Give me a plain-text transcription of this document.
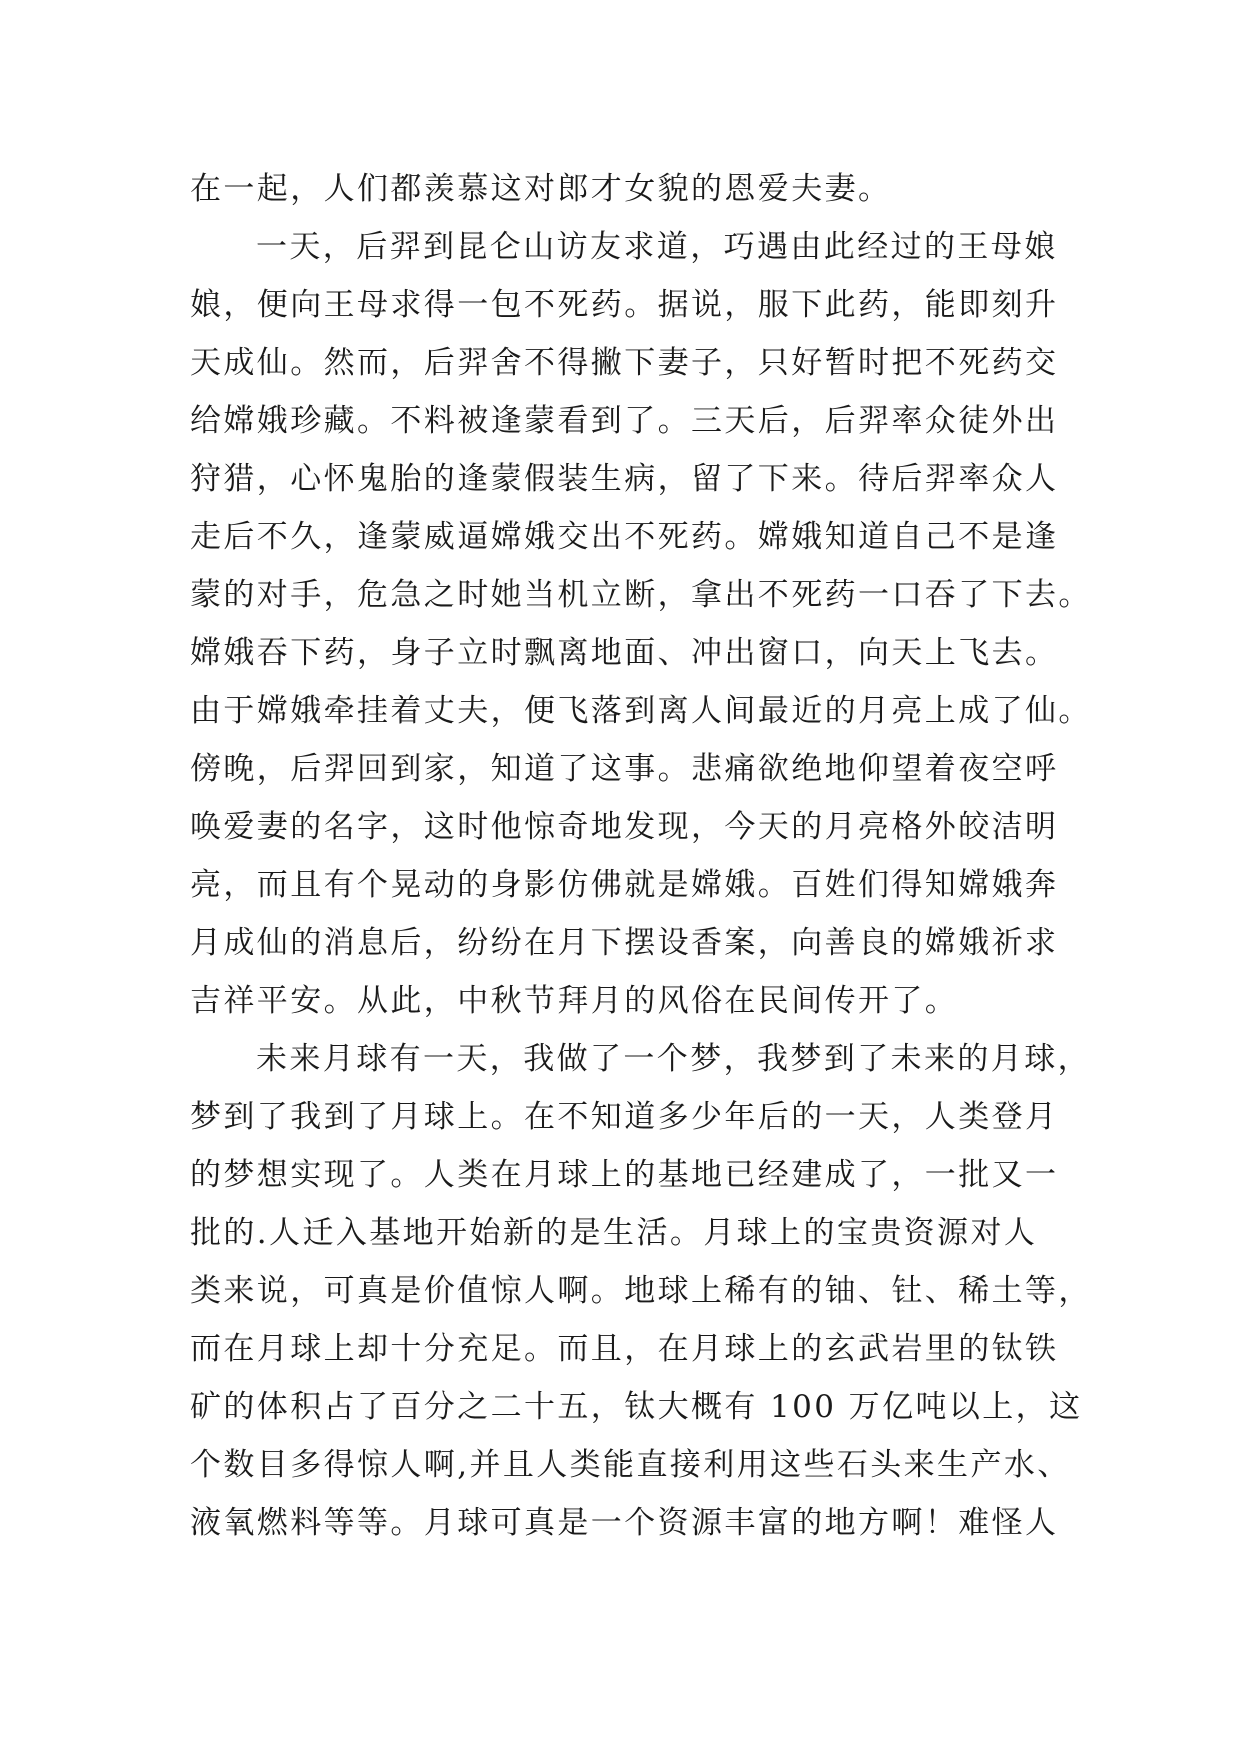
在一起，人们都羡慕这对郎才女貌的恩爱夫妻。
一天，后羿到昆仑山访友求道，巧遇由此经过的王母娘
娘，便向王母求得一包不死药。据说，服下此药，能即刻升
天成仙。然而，后羿舍不得撇下妻子，只好暂时把不死药交
给嫦娥珍藏。不料被逢蒙看到了。三天后，后羿率众徒外出
狩猎，心怀鬼胎的逢蒙假装生病，留了下来。待后羿率众人
走后不久，逢蒙威逼嫦娥交出不死药。嫦娥知道自己不是逢
蒙的对手，危急之时她当机立断，拿出不死药一口吞了下去。
嫦娥吞下药，身子立时飘离地面、冲出窗口，向天上飞去。
由于嫦娥牵挂着丈夫，便飞落到离人间最近的月亮上成了仙。
傍晚，后羿回到家，知道了这事。悲痛欲绝地仰望着夜空呼
唤爱妻的名字，这时他惊奇地发现，今天的月亮格外皎洁明
亮，而且有个晃动的身影仿佛就是嫦娥。百姓们得知嫦娥奔
月成仙的消息后，纷纷在月下摆设香案，向善良的嫦娥祈求
吉祥平安。从此，中秋节拜月的风俗在民间传开了。
未来月球有一天，我做了一个梦，我梦到了未来的月球，
梦到了我到了月球上。在不知道多少年后的一天，人类登月
的梦想实现了。人类在月球上的基地已经建成了，一批又一
批的.人迁入基地开始新的是生活。月球上的宝贵资源对人
类来说，可真是价值惊人啊。地球上稀有的铀、钍、稀土等，
而在月球上却十分充足。而且，在月球上的玄武岩里的钛铁
矿的体积占了百分之二十五，钛大概有 100 万亿吨以上，这
个数目多得惊人啊,并且人类能直接利用这些石头来生产水、
液氧燃料等等。月球可真是一个资源丰富的地方啊！难怪人
